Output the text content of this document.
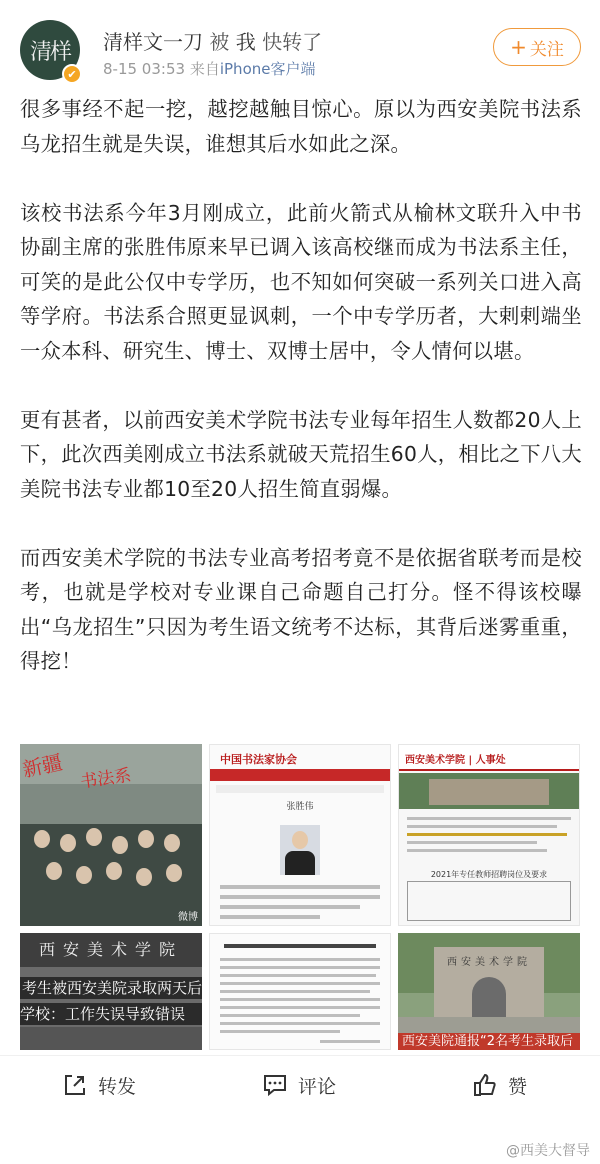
清样
✔
清样文一刀 被 我 快转了
8-15 03:53 来自iPhone客户端
+ 关注

很多事经不起一挖，越挖越触目惊心。原以为西安美院书法系乌龙招生就是失误，谁想其后水如此之深。

该校书法系今年3月刚成立，此前火箭式从榆林文联升入中书协副主席的张胜伟原来早已调入该高校继而成为书法系主任，可笑的是此公仅中专学历，也不知如何突破一系列关口进入高等学府。书法系合照更显讽刺，一个中专学历者，大剌剌端坐一众本科、研究生、博士、双博士居中，令人情何以堪。

更有甚者，以前西安美术学院书法专业每年招生人数都20人上下，此次西美刚成立书法系就破天荒招生60人，相比之下八大美院书法专业都10至20人招生简直弱爆。

而西安美术学院的书法专业高考招考竟不是依据省联考而是校考，也就是学校对专业课自己命题自己打分。怪不得该校曝出“乌龙招生”只因为考生语文统考不达标，其背后迷雾重重，得挖！

新疆 书法系
微博
中国书法家协会
张胜伟
西安美术学院 | 人事处
2021年专任教师招聘岗位及要求
西安美术学院
考生被西安美院录取两天后
学校：工作失误导致错误
西安美术学院
西安美院通报“2名考生录取后
转发	评论	赞
@西美大督导
